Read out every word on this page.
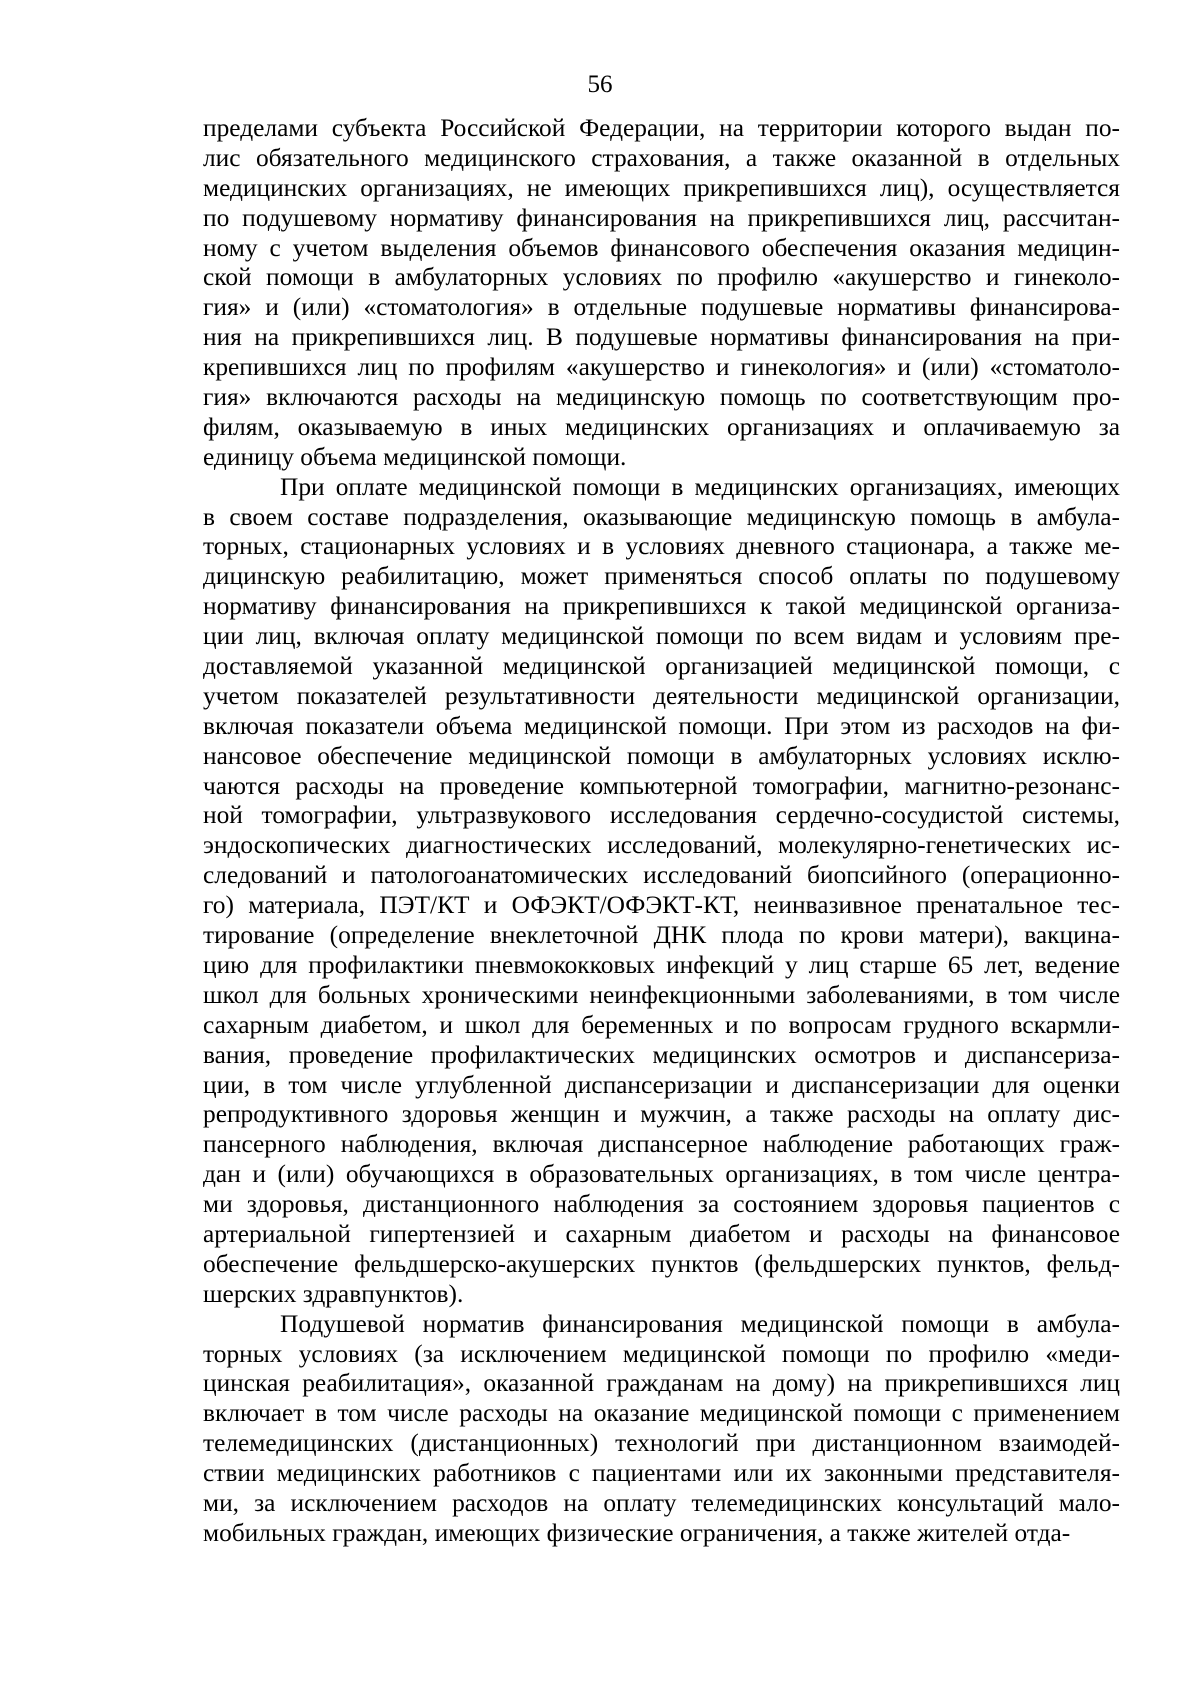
56
пределами субъекта Российской Федерации, на территории которого выдан по-
лис обязательного медицинского страхования, а также оказанной в отдельных
медицинских организациях, не имеющих прикрепившихся лиц), осуществляется
по подушевому нормативу финансирования на прикрепившихся лиц, рассчитан-
ному с учетом выделения объемов финансового обеспечения оказания медицин-
ской помощи в амбулаторных условиях по профилю «акушерство и гинеколо-
гия» и (или) «стоматология» в отдельные подушевые нормативы финансирова-
ния на прикрепившихся лиц. В подушевые нормативы финансирования на при-
крепившихся лиц по профилям «акушерство и гинекология» и (или) «стоматоло-
гия» включаются расходы на медицинскую помощь по соответствующим про-
филям, оказываемую в иных медицинских организациях и оплачиваемую за
единицу объема медицинской помощи.
При оплате медицинской помощи в медицинских организациях, имеющих
в своем составе подразделения, оказывающие медицинскую помощь в амбула-
торных, стационарных условиях и в условиях дневного стационара, а также ме-
дицинскую реабилитацию, может применяться способ оплаты по подушевому
нормативу финансирования на прикрепившихся к такой медицинской организа-
ции лиц, включая оплату медицинской помощи по всем видам и условиям пре-
доставляемой указанной медицинской организацией медицинской помощи, с
учетом показателей результативности деятельности медицинской организации,
включая показатели объема медицинской помощи. При этом из расходов на фи-
нансовое обеспечение медицинской помощи в амбулаторных условиях исклю-
чаются расходы на проведение компьютерной томографии, магнитно-резонанс-
ной томографии, ультразвукового исследования сердечно-сосудистой системы,
эндоскопических диагностических исследований, молекулярно-генетических ис-
следований и патологоанатомических исследований биопсийного (операционно-
го) материала, ПЭТ/КТ и ОФЭКТ/ОФЭКТ-КТ, неинвазивное пренатальное тес-
тирование (определение внеклеточной ДНК плода по крови матери), вакцина-
цию для профилактики пневмококковых инфекций у лиц старше 65 лет, ведение
школ для больных хроническими неинфекционными заболеваниями, в том числе
сахарным диабетом, и школ для беременных и по вопросам грудного вскармли-
вания, проведение профилактических медицинских осмотров и диспансериза-
ции, в том числе углубленной диспансеризации и диспансеризации для оценки
репродуктивного здоровья женщин и мужчин, а также расходы на оплату дис-
пансерного наблюдения, включая диспансерное наблюдение работающих граж-
дан и (или) обучающихся в образовательных организациях, в том числе центра-
ми здоровья, дистанционного наблюдения за состоянием здоровья пациентов с
артериальной гипертензией и сахарным диабетом и расходы на финансовое
обеспечение фельдшерско-акушерских пунктов (фельдшерских пунктов, фельд-
шерских здравпунктов).
Подушевой норматив финансирования медицинской помощи в амбула-
торных условиях (за исключением медицинской помощи по профилю «меди-
цинская реабилитация», оказанной гражданам на дому) на прикрепившихся лиц
включает в том числе расходы на оказание медицинской помощи с применением
телемедицинских (дистанционных) технологий при дистанционном взаимодей-
ствии медицинских работников с пациентами или их законными представителя-
ми, за исключением расходов на оплату телемедицинских консультаций мало-
мобильных граждан, имеющих физические ограничения, а также жителей отда-
